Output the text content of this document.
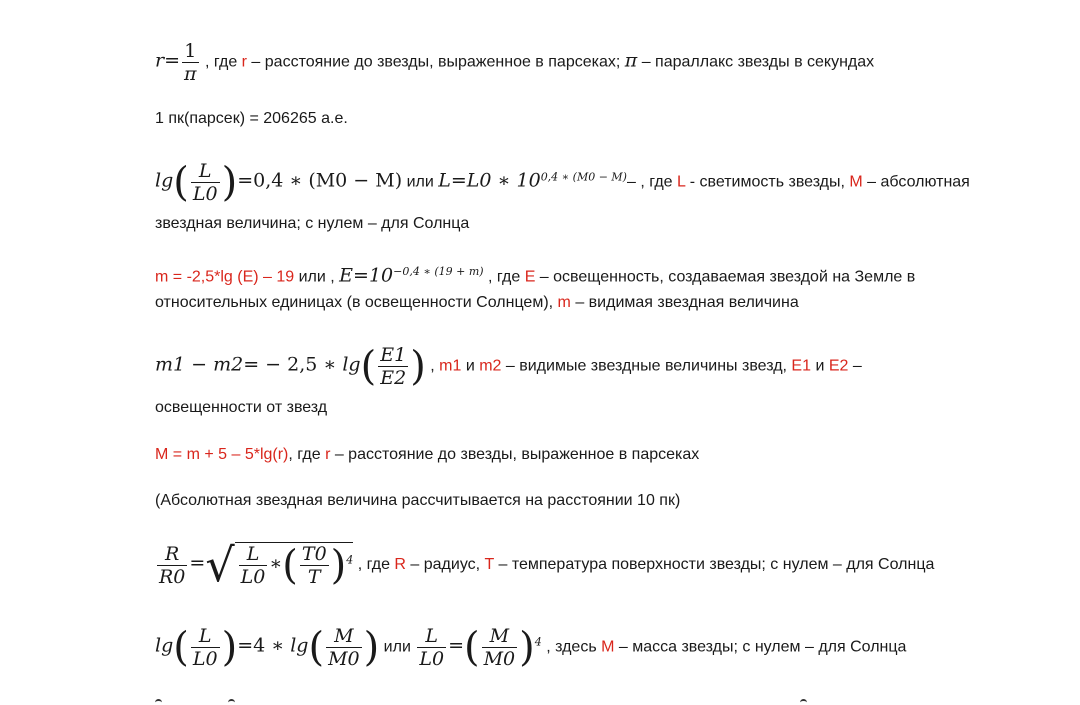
$r= \frac{1}{\pi}$ , где r – расстояние до звезды, выраженное в парсеках; π – параллакс звезды в секундах
1 пк(парсек) = 206265 а.е.
$\lg( \frac{L}{L0} )=0,4$ ∗ (M0 − M) или L=L0 ∗ $10^{0,4 ∗ (M0 - M)}-$ , где L - светимость звезды, M – абсолютная
звездная величина; с нулем – для Солнца
m = -2,5*lg (E) – 19 или , $E=10^{-0,4 ∗ (19 + m)}$ , где E – освещенность, создаваемая звездой на Земле в
относительных единицах (в освещенности Солнцем), m – видимая звездная величина
m1 − m2= − 2,5 ∗ $\lg( \frac{E1}{E2}$ ) , m1 и m2 – видимые звездные величины звезд, E1 и E2 –
освещенности от звезд
M = m + 5 – 5*lg(r), где r – расстояние до звезды, выраженное в парсеках
(Абсолютная звездная величина рассчитывается на расстоянии 10 пк)
$\frac{R}{R0}$ =√ $\frac{L}{L0}$ ∗( $\frac{T0}{T} )^4$ , где R – радиус, T – температура поверхности звезды; с нулем – для Солнца
$\lg( \frac{L}{L0} )=4$ ∗ $\lg( \frac{M}{M0}$ ) или $\frac{L}{L0}$ =( $\frac{M}{M0} )^4$ , здесь M – масса звезды; с нулем – для Солнца
